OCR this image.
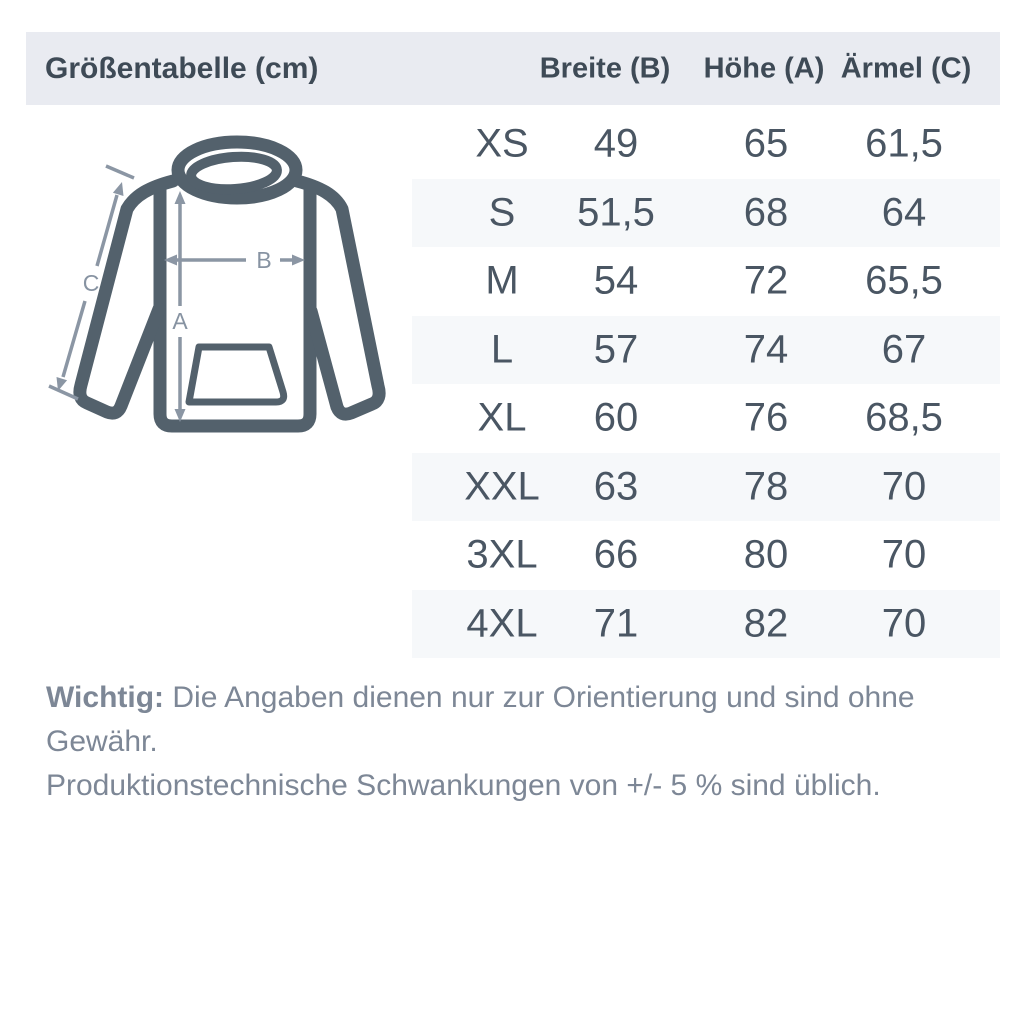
Größentabelle (cm)	Breite (B) Höhe (A) Ärmel (C)
XS 49	65 61,5
S 51,5 68 64
M 54	72 65,5
L 57	74 67
XL 60	76 68,5
XXL 63	78 70
3XL 66	80 70
4XL 71	82 70
A
B
C
Wichtig: Die Angaben dienen nur zur Orientierung und sind ohne Gewähr.
Produktionstechnische Schwankungen von +/- 5 % sind üblich.
